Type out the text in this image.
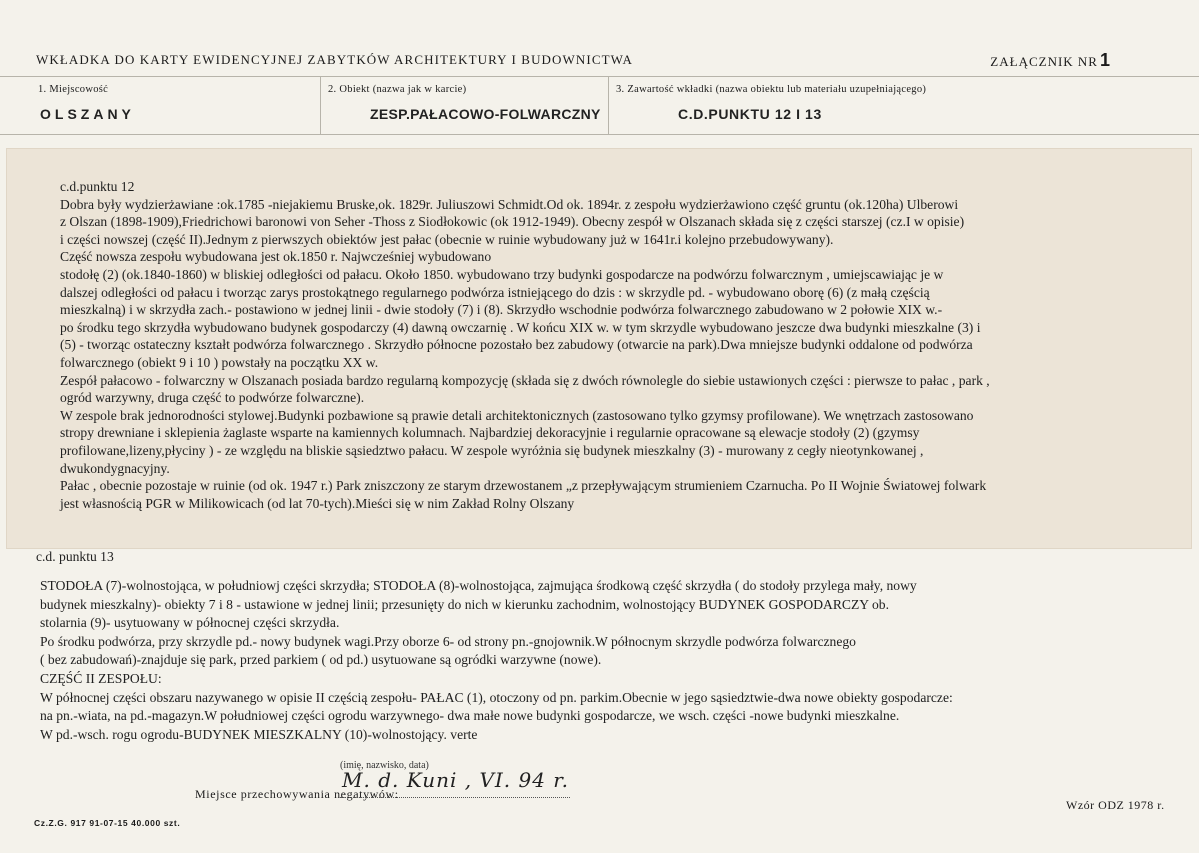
WKŁADKA DO KARTY EWIDENCYJNEJ ZABYTKÓW ARCHITEKTURY I BUDOWNICTWA	ZAŁĄCZNIK NR 1
1. Miejscowość
OLSZANY
2. Obiekt (nazwa jak w karcie)
ZESP.PAŁACOWO-FOLWARCZNY
3. Zawartość wkładki (nazwa obiektu lub materiału uzupełniającego)
C.D.PUNKTU 12 I 13
c.d.punktu 12
Dobra były wydzierżawiane :ok.1785 -niejakiemu Bruske,ok. 1829r. Juliuszowi Schmidt.Od ok. 1894r. z zespołu wydzierżawiono część gruntu (ok.120ha) Ulberowi
z Olszan (1898-1909),Friedrichowi baronowi von Seher -Thoss z Siodłokowic (ok 1912-1949). Obecny zespół w Olszanach składa się z części starszej (cz.I w opisie)
i części nowszej (część II).Jednym z pierwszych obiektów jest pałac (obecnie w ruinie wybudowany już w 1641r.i kolejno przebudowywany).
Część nowsza zespołu wybudowana jest ok.1850 r. Najwcześniej wybudowano
stodołę (2) (ok.1840-1860) w bliskiej odległości od pałacu. Około 1850. wybudowano trzy budynki gospodarcze na podwórzu folwarcznym , umiejscawiając je w
dalszej odległości od pałacu i tworząc zarys prostokątnego regularnego podwórza istniejącego do dzis : w skrzydle pd. - wybudowano oborę (6) (z małą częścią
mieszkalną) i w skrzydła zach.- postawiono w jednej linii - dwie stodoły (7) i (8). Skrzydło wschodnie podwórza folwarcznego zabudowano w 2 połowie XIX w.-
po środku tego skrzydła wybudowano budynek gospodarczy (4) dawną owczarnię . W końcu XIX w. w tym skrzydle wybudowano jeszcze dwa budynki mieszkalne (3) i
(5) - tworząc ostateczny kształt podwórza folwarcznego . Skrzydło północne pozostało bez zabudowy (otwarcie na park).Dwa mniejsze budynki oddalone od podwórza
folwarcznego (obiekt 9 i 10 ) powstały na początku XX w.
Zespół pałacowo - folwarczny w Olszanach posiada bardzo regularną kompozycję (składa się z dwóch równolegle do siebie ustawionych części : pierwsze to pałac , park ,
ogród warzywny, druga część to podwórze folwarczne).
W zespole brak jednorodności stylowej.Budynki pozbawione są prawie detali architektonicznych (zastosowano tylko gzymsy profilowane). We wnętrzach zastosowano
stropy drewniane i sklepienia żaglaste wsparte na kamiennych kolumnach. Najbardziej dekoracyjnie i regularnie opracowane są elewacje stodoły (2) (gzymsy
profilowane,lizeny,płyciny ) - ze względu na bliskie sąsiedztwo pałacu. W zespole wyróżnia się budynek mieszkalny (3) - murowany z cegły nieotynkowanej ,
dwukondygnacyjny.
Pałac , obecnie pozostaje w ruinie (od ok. 1947 r.) Park zniszczony ze starym drzewostanem „z przepływającym strumieniem Czarnucha. Po II Wojnie Światowej folwark
jest własnością PGR w Milikowicach (od lat 70-tych).Mieści się w nim Zakład Rolny Olszany
c.d. punktu 13
STODOŁA (7)-wolnostojąca, w południowj części skrzydła; STODOŁA (8)-wolnostojąca, zajmująca środkową część skrzydła ( do stodoły przylega mały, nowy
budynek mieszkalny)- obiekty 7 i 8 - ustawione w jednej linii; przesunięty do nich w kierunku zachodnim, wolnostojący BUDYNEK GOSPODARCZY ob.
stolarnia (9)- usytuowany w północnej części skrzydła.
Po środku podwórza, przy skrzydle pd.- nowy budynek wagi.Przy oborze 6- od strony pn.-gnojownik.W północnym skrzydle podwórza folwarcznego
( bez zabudowań)-znajduje się park, przed parkiem ( od pd.) usytuowane są ogródki warzywne (nowe).
CZĘŚĆ II ZESPOŁU:
W północnej części obszaru nazywanego w opisie II częścią zespołu- PAŁAC (1), otoczony od pn. parkim.Obecnie w jego sąsiedztwie-dwa nowe obiekty gospodarcze:
na pn.-wiata, na pd.-magazyn.W południowej części ogrodu warzywnego- dwa małe nowe budynki gospodarcze, we wsch. części -nowe budynki mieszkalne.
W pd.-wsch. rogu ogrodu-BUDYNEK MIESZKALNY (10)-wolnostojący. verte
(imię, nazwisko, data)
M. d. Kuni , VI. 94 r.
Miejsce przechowywania negatywów:
Wzór ODZ 1978 r.
Cz.Z.G. 917 91-07-15 40.000 szt.
